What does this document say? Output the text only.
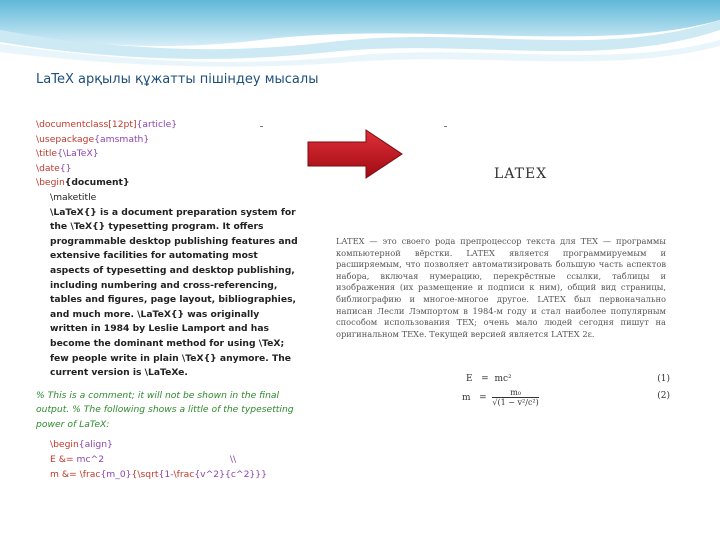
LaTeX арқылы құжатты пішіндеу мысалы
\documentclass[12pt]{article}
\usepackage{amsmath}
\title{\LaTeX}
\date{}
\begin{document}
\maketitle
\LaTeX{} is a document preparation system for the \TeX{} typesetting program. It offers programmable desktop publishing features and extensive facilities for automating most aspects of typesetting and desktop publishing, including numbering and cross-referencing, tables and figures, page layout, bibliographies, and much more. \LaTeX{} was originally written in 1984 by Leslie Lamport and has become the dominant method for using \TeX; few people write in plain \TeX{} anymore. The current version is \LaTeXe.
% This is a comment; it will not be shown in the final output. % The following shows a little of the typesetting power of LaTeX:
\begin{align}
E &= mc^2	\\
m &= \frac{m_0}{\sqrt{1-\frac{v^2}{c^2}}}
LATEX

LATEX — это своего рода препроцессор текста для TEX — программы компьютерной вёрстки. LATEX является программируемым и расширяемым, что позволяет автоматизировать большую часть аспектов набора, включая нумерацию, перекрёстные ссылки, таблицы и изображения (их размещение и подписи к ним), общий вид страницы, библиографию и многое-многое другое. LATEX был первоначально написан Лесли Лэмпортом в 1984-м году и стал наиболее популярным способом использования TEX; очень мало людей сегодня пишут на оригинальном TEXе. Текущей версией является LATEX 2ε.

E = mc²	(1)
$m = \frac{\text{m₀}}{\text{√(1 − v²/c²)}}$	(2)
